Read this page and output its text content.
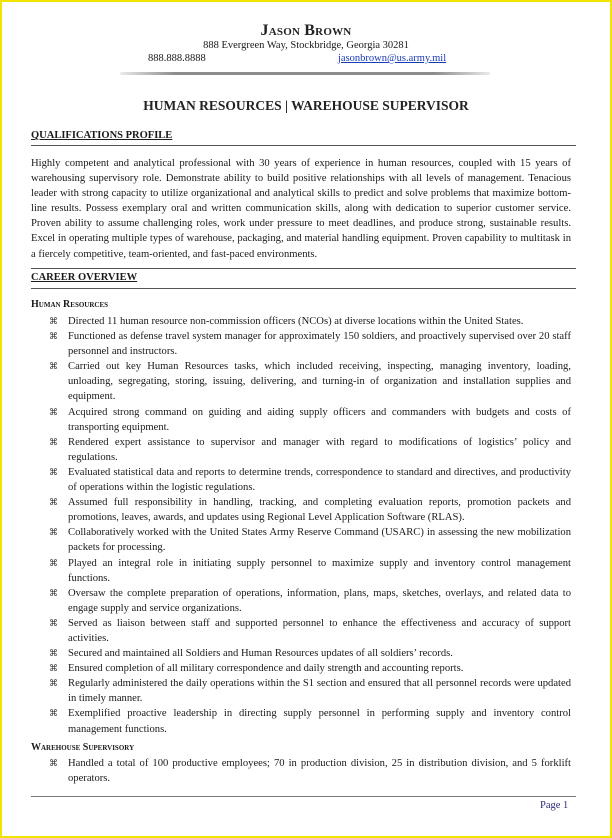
Jason Brown
888 Evergreen Way, Stockbridge, Georgia 30281
888.888.8888	jasonbrown@us.army.mil
HUMAN RESOURCES | WAREHOUSE SUPERVISOR
QUALIFICATIONS PROFILE
Highly competent and analytical professional with 30 years of experience in human resources, coupled with 15 years of warehousing supervisory role. Demonstrate ability to build positive relationships with all levels of management. Tenacious leader with strong capacity to utilize organizational and analytical skills to predict and solve problems that maximize bottom-line results. Possess exemplary oral and written communication skills, along with dedication to superior customer service. Proven ability to assume challenging roles, work under pressure to meet deadlines, and produce strong, sustainable results. Excel in operating multiple types of warehouse, packaging, and material handling equipment. Proven capability to multitask in a fiercely competitive, team-oriented, and fast-paced environments.
CAREER OVERVIEW
Human Resources
⌘ Directed 11 human resource non-commission officers (NCOs) at diverse locations within the United States.
⌘ Functioned as defense travel system manager for approximately 150 soldiers, and proactively supervised over 20 staff personnel and instructors.
⌘ Carried out key Human Resources tasks, which included receiving, inspecting, managing inventory, loading, unloading, segregating, storing, issuing, delivering, and turning-in of organization and installation supplies and equipment.
⌘ Acquired strong command on guiding and aiding supply officers and commanders with budgets and costs of transporting equipment.
⌘ Rendered expert assistance to supervisor and manager with regard to modifications of logistics’ policy and regulations.
⌘ Evaluated statistical data and reports to determine trends, correspondence to standard and directives, and productivity of operations within the logistic regulations.
⌘ Assumed full responsibility in handling, tracking, and completing evaluation reports, promotion packets and promotions, leaves, awards, and updates using Regional Level Application Software (RLAS).
⌘ Collaboratively worked with the United States Army Reserve Command (USARC) in assessing the new mobilization packets for processing.
⌘ Played an integral role in initiating supply personnel to maximize supply and inventory control management functions.
⌘ Oversaw the complete preparation of operations, information, plans, maps, sketches, overlays, and related data to engage supply and service organizations.
⌘ Served as liaison between staff and supported personnel to enhance the effectiveness and accuracy of support activities.
⌘ Secured and maintained all Soldiers and Human Resources updates of all soldiers’ records.
⌘ Ensured completion of all military correspondence and daily strength and accounting reports.
⌘ Regularly administered the daily operations within the S1 section and ensured that all personnel records were updated in timely manner.
⌘ Exemplified proactive leadership in directing supply personnel in performing supply and inventory control management functions.
Warehouse Supervisory
⌘ Handled a total of 100 productive employees; 70 in production division, 25 in distribution division, and 5 forklift operators.
Page 1
